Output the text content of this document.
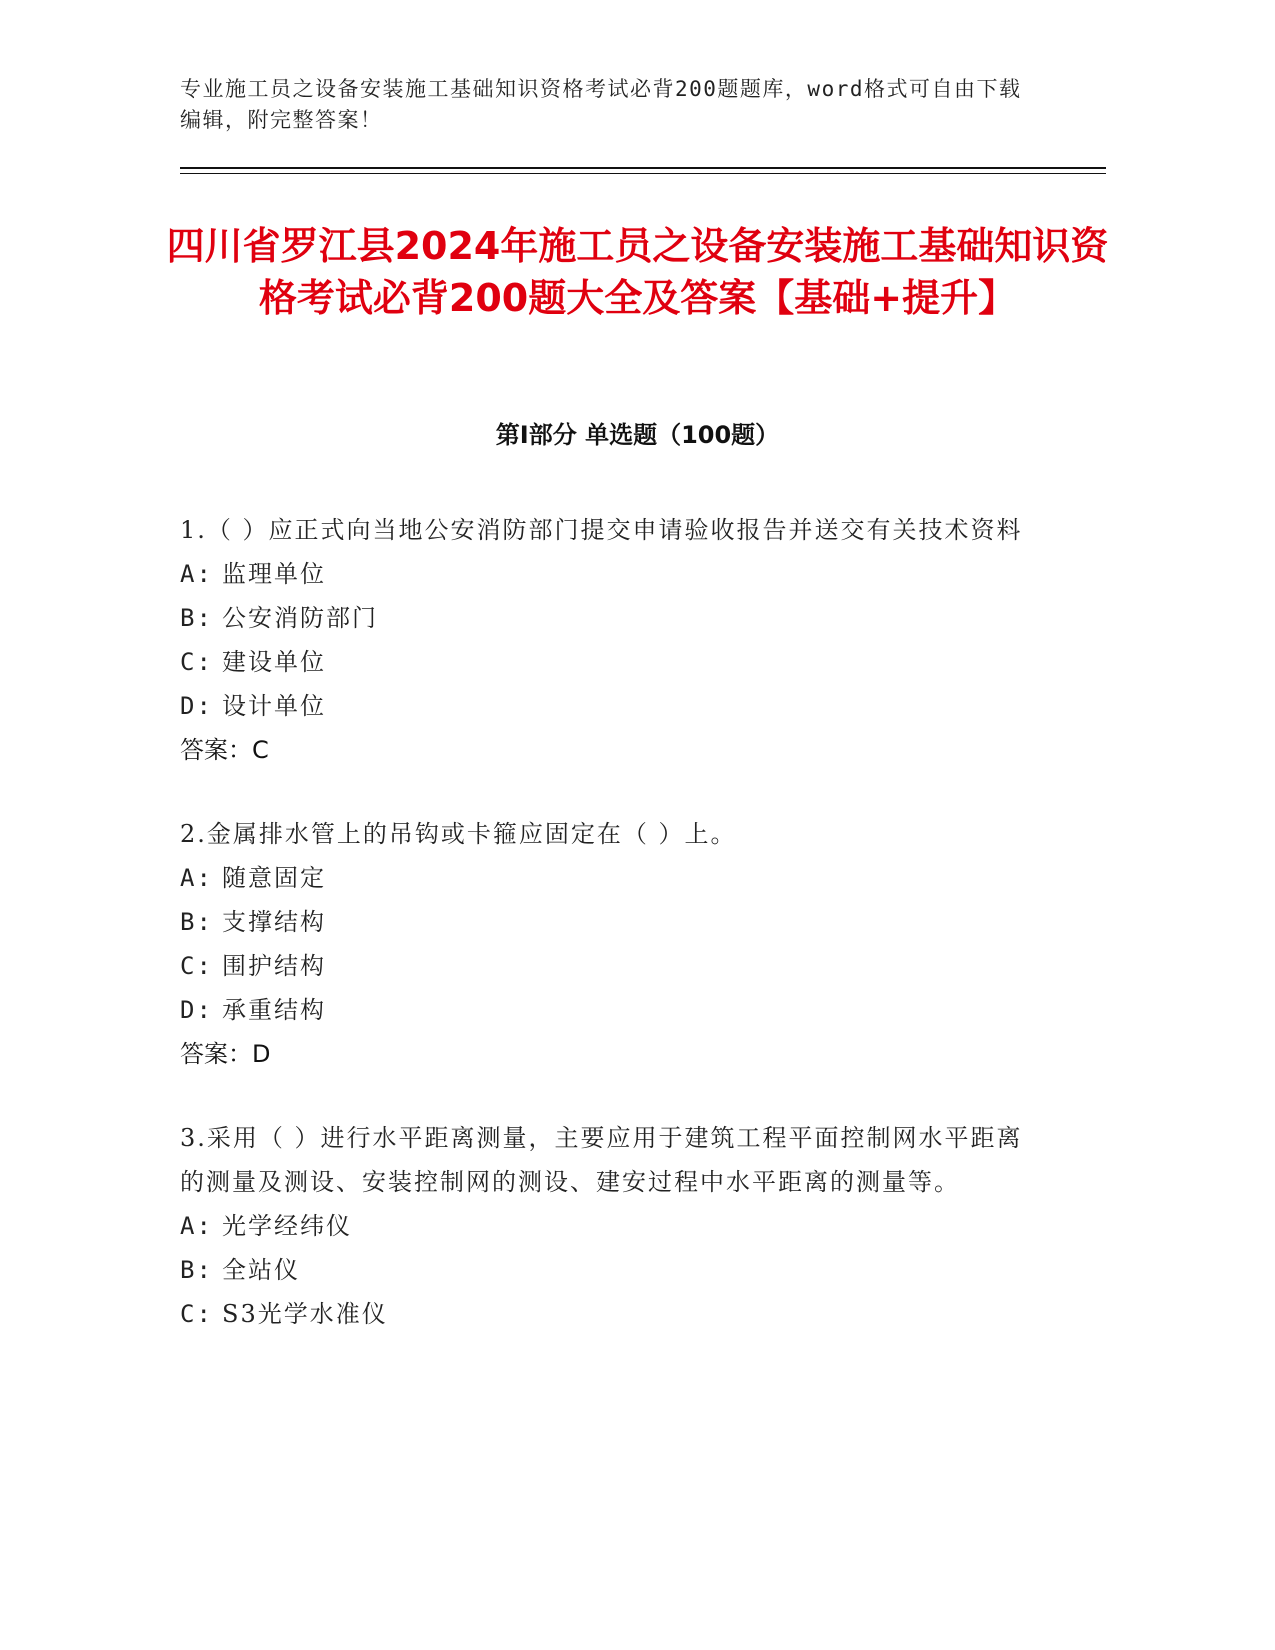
专业施工员之设备安装施工基础知识资格考试必背200题题库，word格式可自由下载编辑，附完整答案！
四川省罗江县2024年施工员之设备安装施工基础知识资格考试必背200题大全及答案【基础+提升】
第I部分 单选题（100题）

1.（ ）应正式向当地公安消防部门提交申请验收报告并送交有关技术资料

A: 监理单位

B: 公安消防部门

C: 建设单位

D: 设计单位

答案：C

2.金属排水管上的吊钩或卡箍应固定在（ ）上。

A: 随意固定

B: 支撑结构

C: 围护结构

D: 承重结构

答案：D

3.采用（ ）进行水平距离测量，主要应用于建筑工程平面控制网水平距离的测量及测设、安装控制网的测设、建安过程中水平距离的测量等。

A: 光学经纬仪

B: 全站仪

C: S3光学水准仪
